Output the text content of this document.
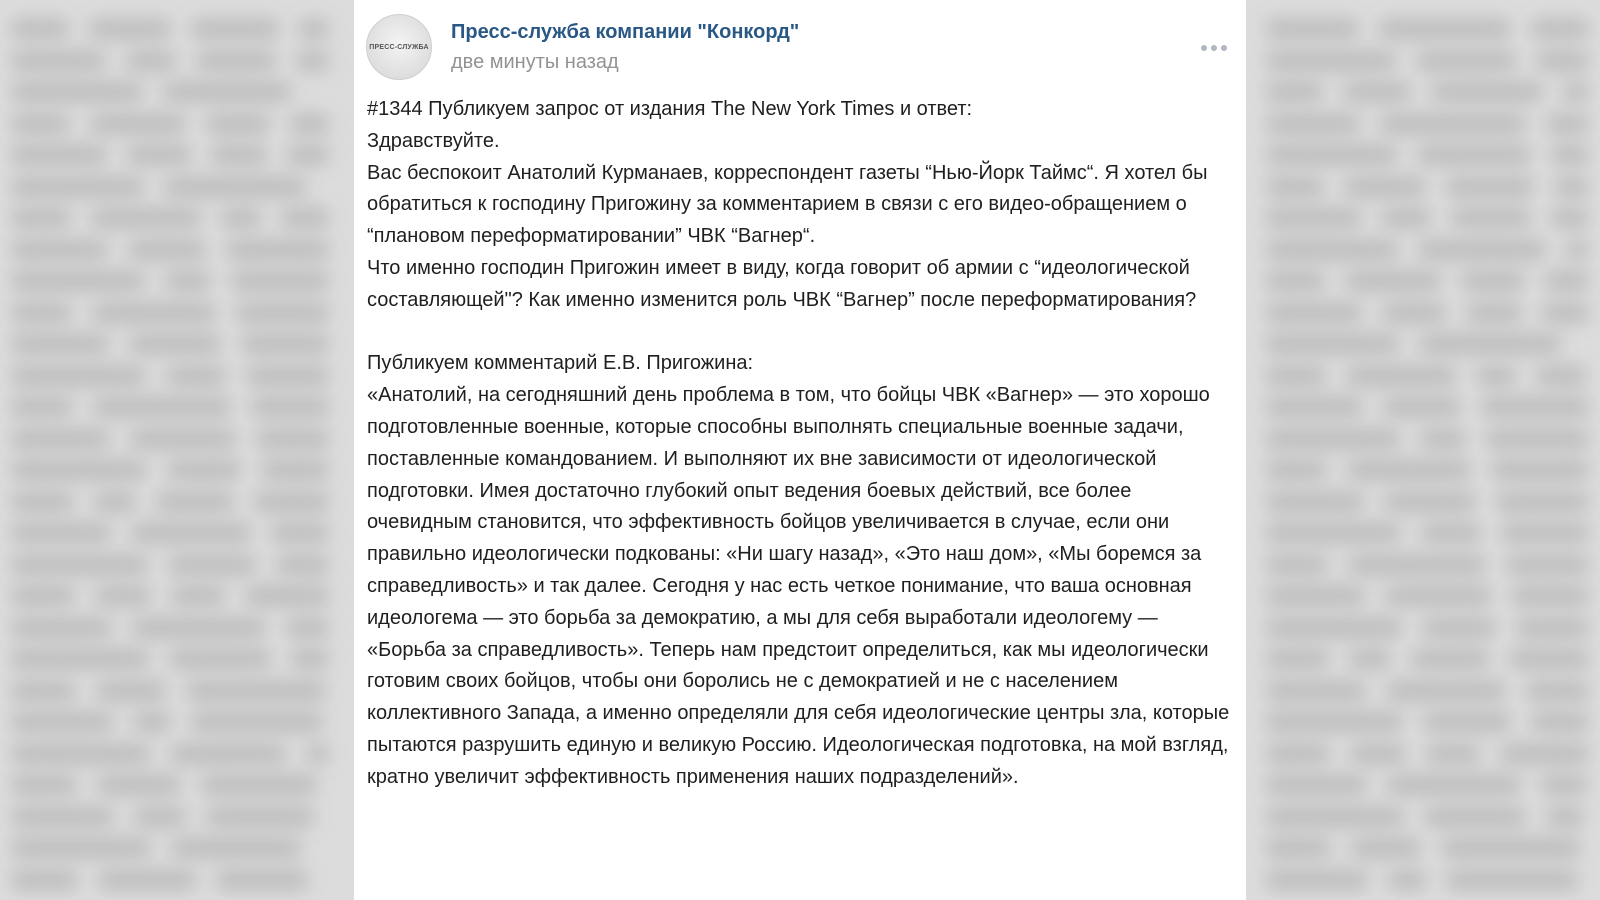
ПРЕСС-СЛУЖБА
Пресс-служба компании "Конкорд"
две минуты назад

#1344 Публикуем запрос от издания The New York Times и ответ:

Здравствуйте.

Вас беспокоит Анатолий Курманаев, корреспондент газеты “Нью-Йорк Таймс“. Я хотел бы обратиться к господину Пригожину за комментарием в связи с его видео-обращением о “плановом переформатировании” ЧВК “Вагнер“.

Что именно господин Пригожин имеет в виду, когда говорит об армии с “идеологической составляющей"? Как именно изменится роль ЧВК “Вагнер” после переформатирования?

Публикуем комментарий Е.В. Пригожина:

«Анатолий, на сегодняшний день проблема в том, что бойцы ЧВК «Вагнер» — это хорошо подготовленные военные, которые способны выполнять специальные военные задачи, поставленные командованием. И выполняют их вне зависимости от идеологической подготовки. Имея достаточно глубокий опыт ведения боевых действий, все более очевидным становится, что эффективность бойцов увеличивается в случае, если они правильно идеологически подкованы: «Ни шагу назад», «Это наш дом», «Мы боремся за справедливость» и так далее. Сегодня у нас есть четкое понимание, что ваша основная идеологема — это борьба за демократию, а мы для себя выработали идеологему — «Борьба за справедливость». Теперь нам предстоит определиться, как мы идеологически готовим своих бойцов, чтобы они боролись не с демократией и не с населением коллективного Запада, а именно определяли для себя идеологические центры зла, которые пытаются разрушить единую и великую Россию. Идеологическая подготовка, на мой взгляд, кратно увеличит эффективность применения наших подразделений».
